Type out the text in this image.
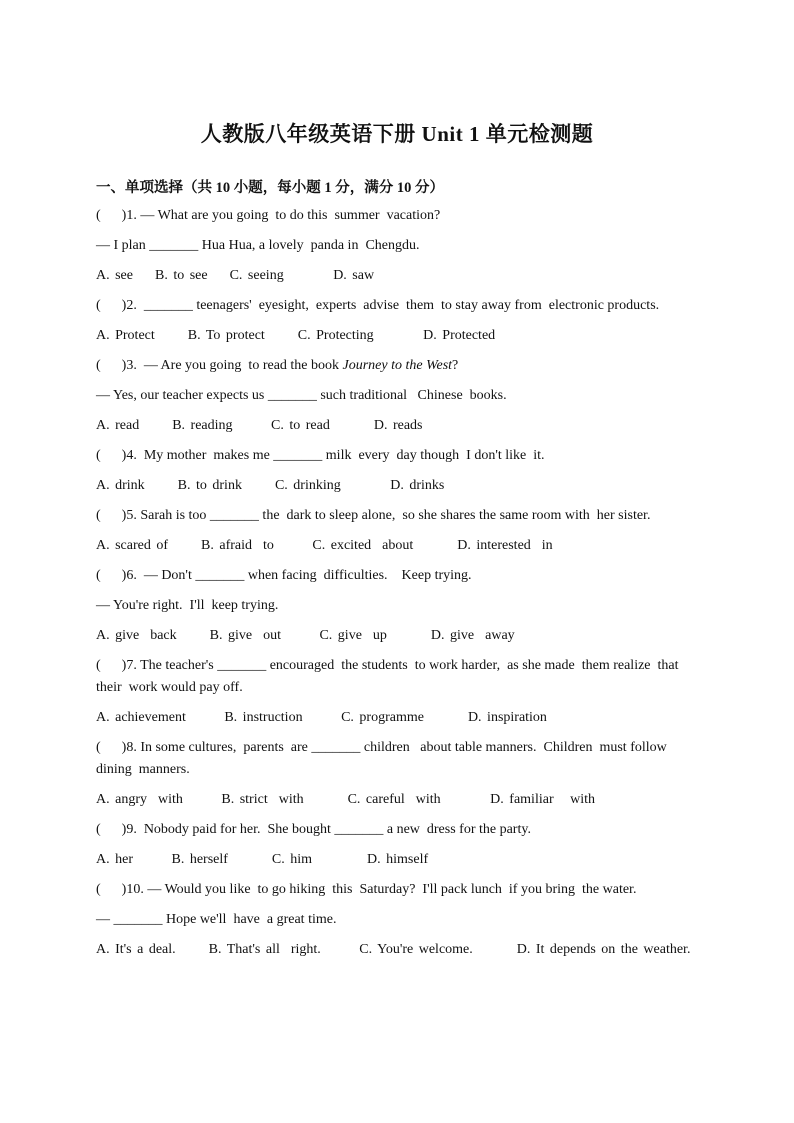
人教版八年级英语下册 Unit 1 单元检测题
一、单项选择（共 10 小题，每小题 1 分，满分 10 分）

(      )1. — What are you going  to do this  summer  vacation?

— I plan _______ Hua Hua, a lovely  panda in  Chengdu.

A. see    B. to see    C. seeing         D. saw

(      )2.  _______ teenagers'  eyesight,  experts  advise  them  to stay away from  electronic products.

A. Protect      B. To protect      C. Protecting         D. Protected

(      )3.  — Are you going  to read the book Journey to the West?

— Yes, our teacher expects us _______ such traditional   Chinese  books.

A. read      B. reading       C. to read        D. reads

(      )4.  My mother  makes me _______ milk  every  day though  I don't like  it.

A. drink      B. to drink      C. drinking         D. drinks

(      )5. Sarah is too _______ the  dark to sleep alone,  so she shares the same room with  her sister.

A. scared of      B. afraid  to       C. excited  about        D. interested  in

(      )6.  — Don't _______ when facing  difficulties.    Keep trying.

— You're right.  I'll  keep trying.

A. give  back      B. give  out       C. give  up        D. give  away

(      )7. The teacher's _______ encouraged  the students  to work harder,  as she made  them realize  that their  work would pay off.

A. achievement       B. instruction       C. programme        D. inspiration

(      )8. In some cultures,  parents  are _______ children   about table manners.  Children  must follow  dining  manners.

A. angry  with       B. strict  with        C. careful  with         D. familiar   with

(      )9.  Nobody paid for her.  She bought _______ a new  dress for the party.

A. her       B. herself        C. him          D. himself

(      )10. — Would you like  to go hiking  this  Saturday?  I'll pack lunch  if you bring  the water.

— _______ Hope we'll  have  a great time.

A. It's a deal.      B. That's all  right.       C. You're welcome.        D. It depends on the weather.
